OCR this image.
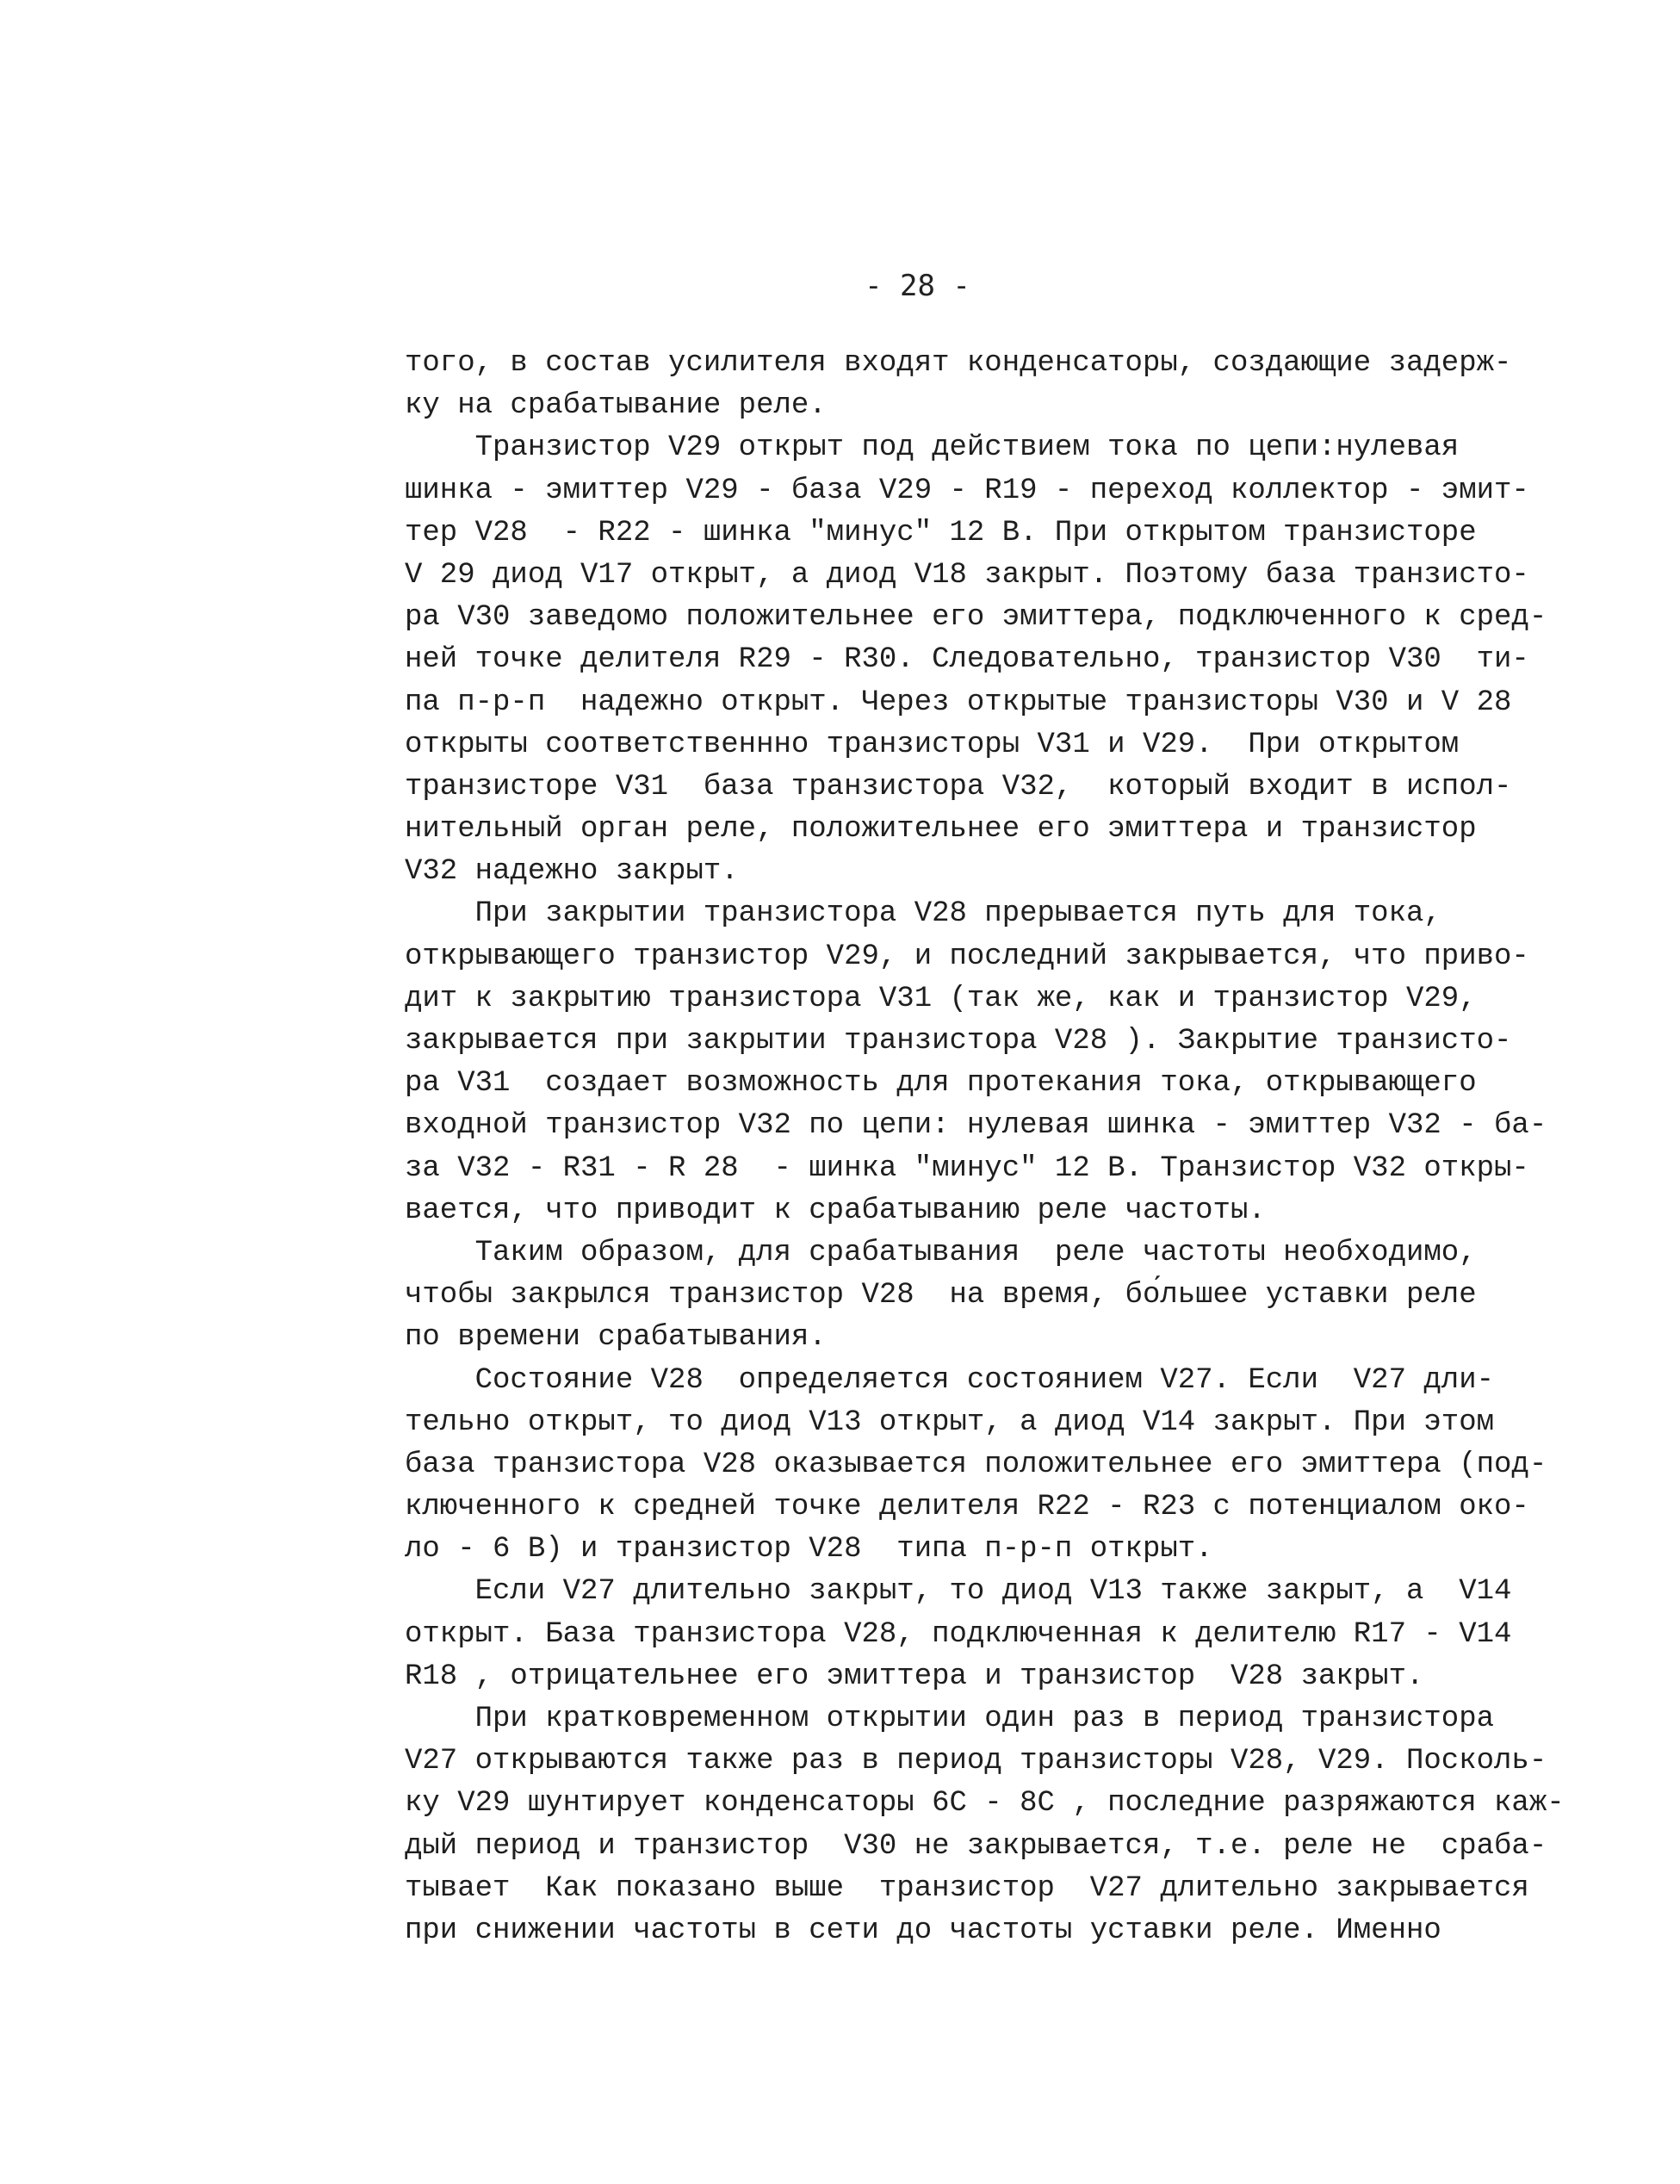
- 28 -
того, в состав усилителя входят конденсаторы, создающие задерж-
ку на срабатывание реле.
Транзистор V29 открыт под действием тока по цепи:нулевая
шинка - эмиттер V29 - база V29 - R19 - переход коллектор - эмит-
тер V28  - R22 - шинка "минус" 12 В. При открытом транзисторе
V 29 диод V17 открыт, а диод V18 закрыт. Поэтому база транзисто-
ра V30 заведомо положительнее его эмиттера, подключенного к сред-
ней точке делителя R29 - R30. Следовательно, транзистор V30  ти-
па п-р-п  надежно открыт. Через открытые транзисторы V30 и V 28
открыты соответственнно транзисторы V31 и V29.  При открытом
транзисторе V31  база транзистора V32,  который входит в испол-
нительный орган реле, положительнее его эмиттера и транзистор
V32 надежно закрыт.
При закрытии транзистора V28 прерывается путь для тока,
открывающего транзистор V29, и последний закрывается, что приво-
дит к закрытию транзистора V31 (так же, как и транзистор V29,
закрывается при закрытии транзистора V28 ). Закрытие транзисто-
ра V31  создает возможность для протекания тока, открывающего
входной транзистор V32 по цепи: нулевая шинка - эмиттер V32 - ба-
за V32 - R31 - R 28  - шинка "минус" 12 В. Транзистор V32 откры-
вается, что приводит к срабатыванию реле частоты.
Таким образом, для срабатывания  реле частоты необходимо,
чтобы закрылся транзистор V28  на время, бо́льшее уставки реле
по времени срабатывания.
Состояние V28  определяется состоянием V27. Если  V27 дли-
тельно открыт, то диод V13 открыт, а диод V14 закрыт. При этом
база транзистора V28 оказывается положительнее его эмиттера (под-
ключенного к средней точке делителя R22 - R23 с потенциалом око-
ло - 6 В) и транзистор V28  типа п-р-п открыт.
Если V27 длительно закрыт, то диод V13 также закрыт, а  V14
открыт. База транзистора V28, подключенная к делителю R17 - V14
R18 , отрицательнее его эмиттера и транзистор  V28 закрыт.
При кратковременном открытии один раз в период транзистора
V27 открываются также раз в период транзисторы V28, V29. Посколь-
ку V29 шунтирует конденсаторы 6С - 8С , последние разряжаются каж-
дый период и транзистор  V30 не закрывается, т.е. реле не  сраба-
тывает  Как показано выше  транзистор  V27 длительно закрывается
при снижении частоты в сети до частоты уставки реле. Именно
